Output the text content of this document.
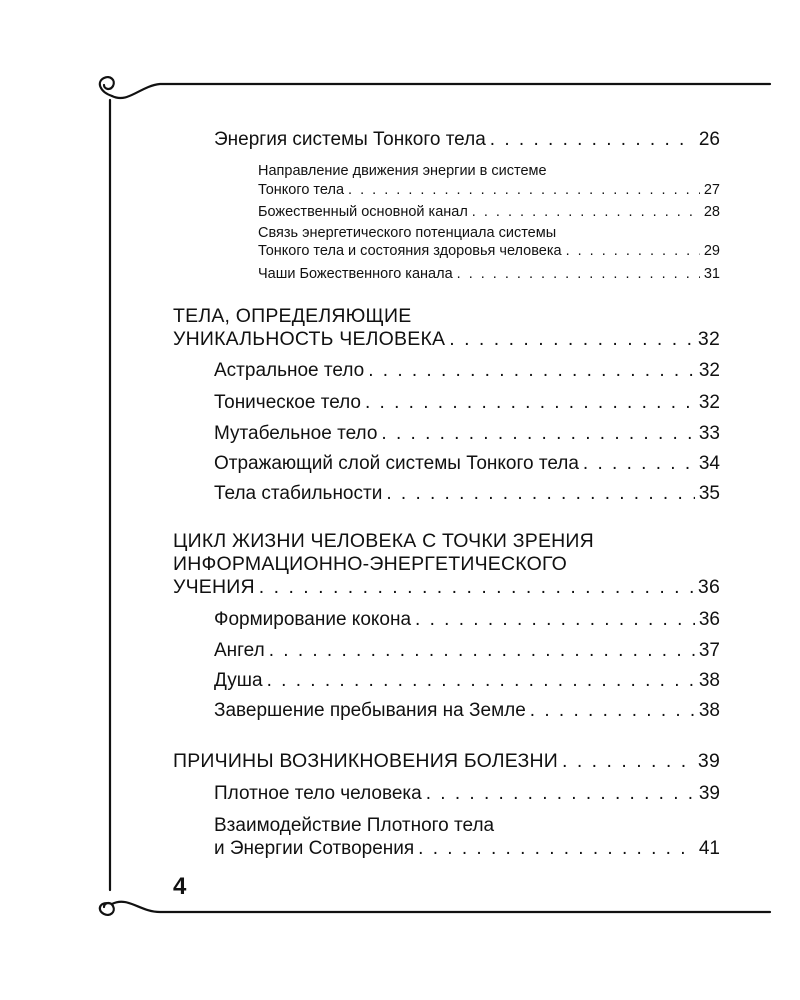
Энергия системы Тонкого тела . . .	26
Направление движения энергии в системе
Тонкого тела . . .	27
Божественный основной канал . . .	28
Связь энергетического потенциала системы
Тонкого тела и состояния здоровья человека . . .	29
Чаши Божественного канала . . .	31
ТЕЛА, ОПРЕДЕЛЯЮЩИЕ
УНИКАЛЬНОСТЬ ЧЕЛОВЕКА . . .	32
Астральное тело . . .	32
Тоническое тело . . .	32
Мутабельное тело . . .	33
Отражающий слой системы Тонкого тела . . .	34
Тела стабильности . . .	35
ЦИКЛ ЖИЗНИ ЧЕЛОВЕКА С ТОЧКИ ЗРЕНИЯ
ИНФОРМАЦИОННО-ЭНЕРГЕТИЧЕСКОГО
УЧЕНИЯ . . .	36
Формирование кокона . . .	36
Ангел . . .	37
Душа . . .	38
Завершение пребывания на Земле . . .	38
ПРИЧИНЫ ВОЗНИКНОВЕНИЯ БОЛЕЗНИ . . .	39
Плотное тело человека . . .	39
Взаимодействие Плотного тела
и Энергии Сотворения . . .	41
4
